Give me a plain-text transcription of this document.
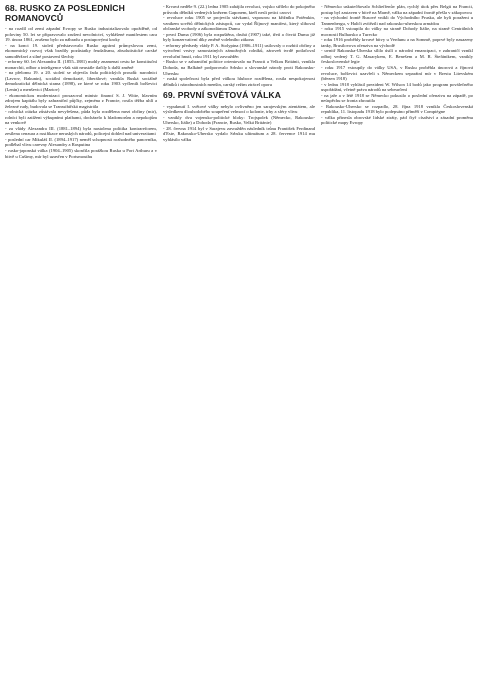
68. RUSKO ZA POSLEDNÍCH ROMANOVCŮ

- na rozdíl od zemí západní Evropy se Rusko industrializovalo opožděně, od poloviny 50. let se připravovalo zrušení nevolnictví, vyhlášené manifestem cara 19. února 1861, zrušeno bylo za náhradu a postupovými kroky

- na konci 19. století představovalo Rusko agrární průmyslovou zemi, ekonomický rozvoj však brzdily pozůstatky feudalismu, absolutistické carské samoděržaví a silné postavení šlechty

- reformy 60. let Alexandra II. (1855–1881) mohly znamenat cestu ke konstituční monarchii, odbor a inteligence však stát neustále tlačily k další změně

- na přelomu 19. a 20. století se objevila řada politických proudů: narodnici (Lavrov, Bakunin), sociální demokraté, liberálové; vznikla Ruská sociálně demokratická dělnická strana (1898), ze které se roku 1903 vyčlenili bolševici (Lenin) a menševici (Martov)

- ekonomickou modernizaci prosazoval ministr financí S. J. Witte, hlavním zdrojem kapitálu byly zahraniční půjčky, zejména z Francie, rostla těžba uhlí a železné rudy, budovala se Transsibiřská magistrála

- rolnická otázka zůstávala nevyřešena, půda byla rozdělena mezi občiny (mir), rolníci byli zatíženi výkupními platbami, docházelo k hladomorům a nepokojům na venkově

- za vlády Alexandra III. (1881–1894) byla nastolena politika kontrareforem, zesílena cenzura a rusifikace neruských národů, policejní dohled nad univerzitami

- poslední car Mikuláš II. (1894–1917) neměl schopnosti rozhodného panovníka, podléhal vlivu carevny Alexandry a Rasputina

- rusko-japonská válka (1904–1905) skončila porážkou Ruska u Port Arthuru a v bitvě u Cušimy, mír byl uzavřen v Portsmouthu

- Krvavá neděle 9. (22.) ledna 1905 zahájila revoluci, vojsko střílelo do pokojného průvodu dělníků vedených knězem Gaponem, kteří nesli petici carovi

- revoluce roku 1905 se projevila stávkami, vzpourou na křižníku Potěmkin, vznikem sovětů dělnických zástupců, car vydal Říjnový manifest, který sliboval občanské svobody a zákonodárnou Dumu

- první Duma (1906) byla rozpuštěna, druhá (1907) také, třetí a čtvrtá Duma již byly konzervativní díky změně volebního zákona

- reformy předsedy vlády P. A. Stolypina (1906–1911) usilovaly o rozbití občiny a vytvoření vrstvy samostatných zámožných rolníků, zároveň tvrdě potlačoval revoluční hnutí, roku 1911 byl zavražděn

- Rusko se v zahraniční politice orientovalo na Francii a Velkou Británii, vznikla Dohoda, na Balkáně podporovalo Srbsko a slovanské národy proti Rakousku-Uhersku

- ruská společnost byla před válkou hluboce rozdělena, rostla nespokojenost dělníků i národnostních menšin, carský režim ztrácel oporu

69. PRVNÍ SVĚTOVÁ VÁLKA

- vypuknutí I. světové války nebylo ovlivněno jen sarajevským atentátem, ale výsledkem dlouhodobého soupeření velmocí o kolonie, trhy a sféry vlivu

- vznikly dva vojensko-politické bloky: Trojspolek (Německo, Rakousko-Uhersko, Itálie) a Dohoda (Francie, Rusko, Velká Británie)

- 28. června 1914 byl v Sarajevu zavražděn následník trůnu František Ferdinand d'Este, Rakousko-Uhersko vydalo Srbsku ultimátum a 28. července 1914 mu vyhlásilo válku

- Německo uskutečňovalo Schlieffenův plán, rychlý útok přes Belgii na Francii, postup byl zastaven v bitvě na Marně, válka na západní frontě přešla v zákopovou

- na východní frontě Rusové vnikli do Východního Pruska, ale byli poraženi u Tannenbergu, v Haliči zvítězili nad rakousko-uherskou armádou

- roku 1915 vstoupila do války na straně Dohody Itálie, na straně Centrálních mocností Bulharsko a Turecko

- roku 1916 proběhly krvavé bitvy u Verdunu a na Sommě, poprvé byly nasazeny tanky, Brusilovova ofenziva na východě

- uvnitř Rakouska-Uherska sílilo úsilí o národní emancipaci, v zahraničí vznikl odboj vedený T. G. Masarykem, E. Benešem a M. R. Štefánikem, vznikly československé legie

- roku 1917 vstoupily do války USA, v Rusku proběhla únorová a říjnová revoluce, bolševici uzavřeli s Německem separátní mír v Brestu Litevském (březen 1918)

- v lednu 1918 vyhlásil prezident W. Wilson 14 bodů jako program poválečného uspořádání, včetně práva národů na sebeurčení

- na jaře a v létě 1918 se Německo pokusilo o poslední ofenzivu na západě, po neúspěchu se fronta zhroutila

- Rakousko-Uhersko se rozpadlo, 28. října 1918 vznikla Československá republika, 11. listopadu 1918 bylo podepsáno příměří v Compiègne

- válka přinesla obrovské lidské ztráty, pád čtyř císařství a zásadní proměnu politické mapy Evropy
